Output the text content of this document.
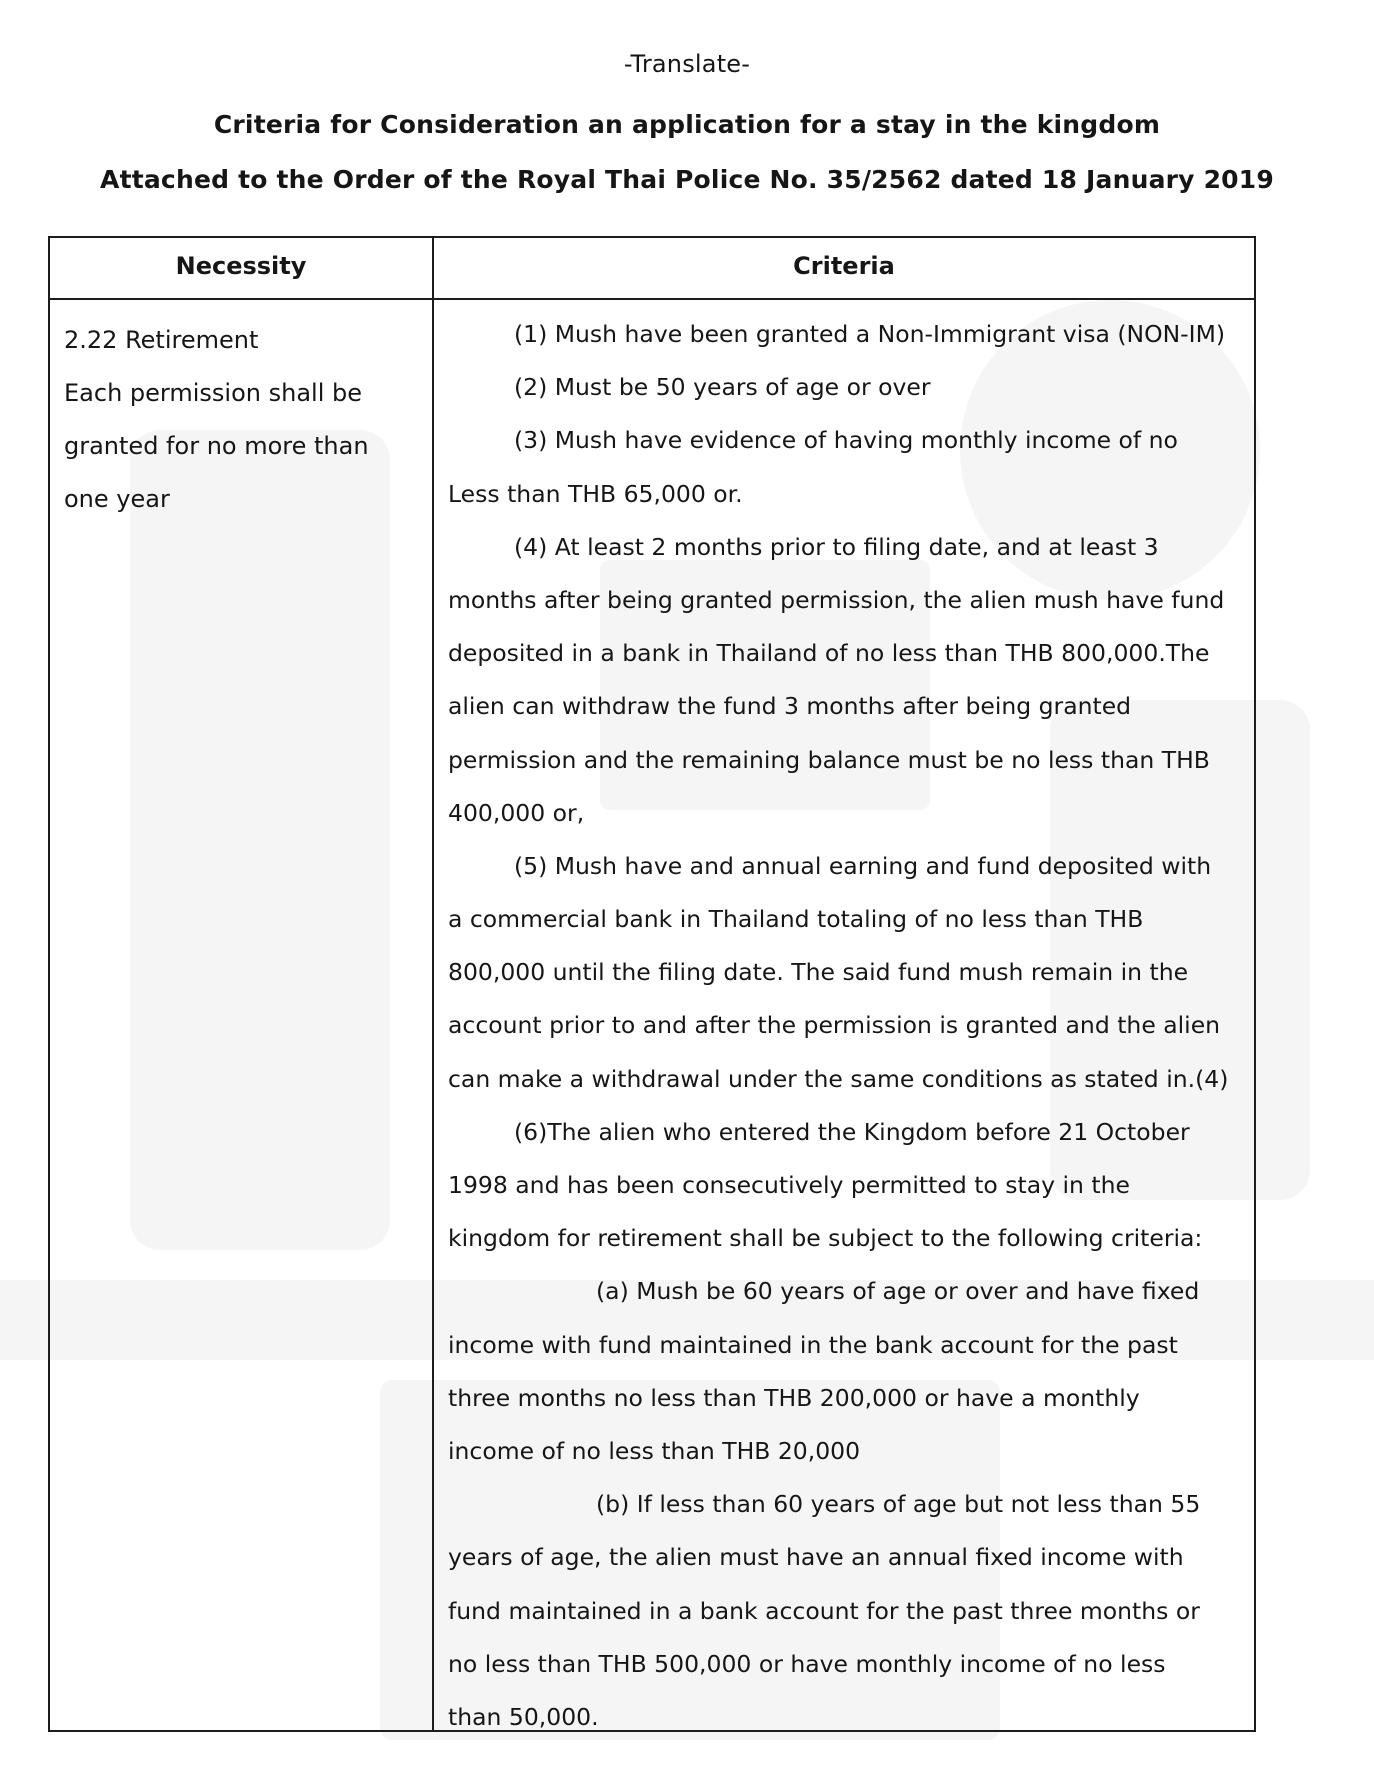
-Translate-
Criteria for Consideration an application for a stay in the kingdom
Attached to the Order of the Royal Thai Police No. 35/2562 dated 18 January 2019
Necessity	Criteria
2.22 Retirement
Each permission shall be
granted for no more than
one year
(1) Mush have been granted a Non-Immigrant visa (NON-IM)
(2) Must be 50 years of age or over
(3) Mush have evidence of having monthly income of no
Less than THB 65,000 or.
(4) At least 2 months prior to filing date, and at least 3
months after being granted permission, the alien mush have fund
deposited in a bank in Thailand of no less than THB 800,000.The
alien can withdraw the fund 3 months after being granted
permission and the remaining balance must be no less than THB
400,000 or,
(5) Mush have and annual earning and fund deposited with
a commercial bank in Thailand totaling of no less than THB
800,000 until the filing date. The said fund mush remain in the
account prior to and after the permission is granted and the alien
can make a withdrawal under the same conditions as stated in.(4)
(6)The alien who entered the Kingdom before 21 October
1998 and has been consecutively permitted to stay in the
kingdom for retirement shall be subject to the following criteria:
(a) Mush be 60 years of age or over and have fixed
income with fund maintained in the bank account for the past
three months no less than THB 200,000 or have a monthly
income of no less than THB 20,000
(b) If less than 60 years of age but not less than 55
years of age, the alien must have an annual fixed income with
fund maintained in a bank account for the past three months or
no less than THB 500,000 or have monthly income of no less
than 50,000.
